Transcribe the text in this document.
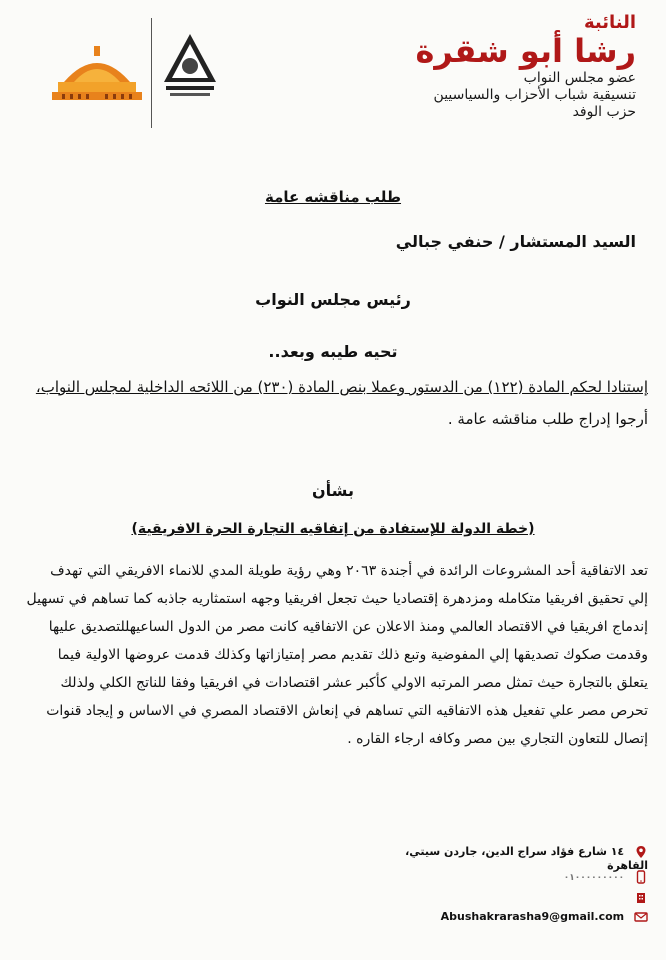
النائبة
رشا أبو شقرة
عضو مجلس النواب
تنسيقية شباب الأحزاب والسياسيين
حزب الوفد
طلب مناقشه عامة
السيد المستشار / حنفي جبالي
رئيس مجلس النواب
تحيه طيبه وبعد..
إستنادا لحكم المادة (١٢٢) من الدستور وعملا بنص المادة (٢٣٠) من اللائحه الداخلية لمجلس النواب،
أرجوا إدراج طلب مناقشه عامة .
بشأن
(خطة الدولة للإستفادة من إتفاقيه التجارة الحرة الافريقية)
تعد الاتفاقية أحد المشروعات الرائدة في أجندة ٢٠٦٣ وهي رؤية طويلة المدي للانماء الافريقي التي تهدف
إلي تحقيق افريقيا متكامله ومزدهرة إقتصاديا حيث تجعل افريقيا وجهه استمثاريه جاذبه كما تساهم في تسهيل
إندماج افريقيا في الاقتصاد العالمي ومنذ الاعلان عن الاتفاقيه كانت مصر من الدول الساعيهللتصديق عليها
وقدمت صكوك تصديقها إلي المفوضية وتبع ذلك تقديم مصر إمتيازاتها وكذلك قدمت عروضها الاولية فيما
يتعلق بالتجارة حيث تمثل مصر المرتبه الاولي كأكبر عشر اقتصادات في افريقيا وفقا للناتج الكلي ولذلك
تحرص مصر علي تفعيل هذه الاتفاقيه التي تساهم في إنعاش الاقتصاد المصري في الاساس و إيجاد قنوات
إتصال للتعاون التجاري بين مصر وكافه ارجاء القاره .
١٤ شارع فؤاد سراج الدين، جاردن سيتي، القاهرة
٠١٠٠٠٠٠٠٠٠٠
Abushakrarasha9@gmail.com
